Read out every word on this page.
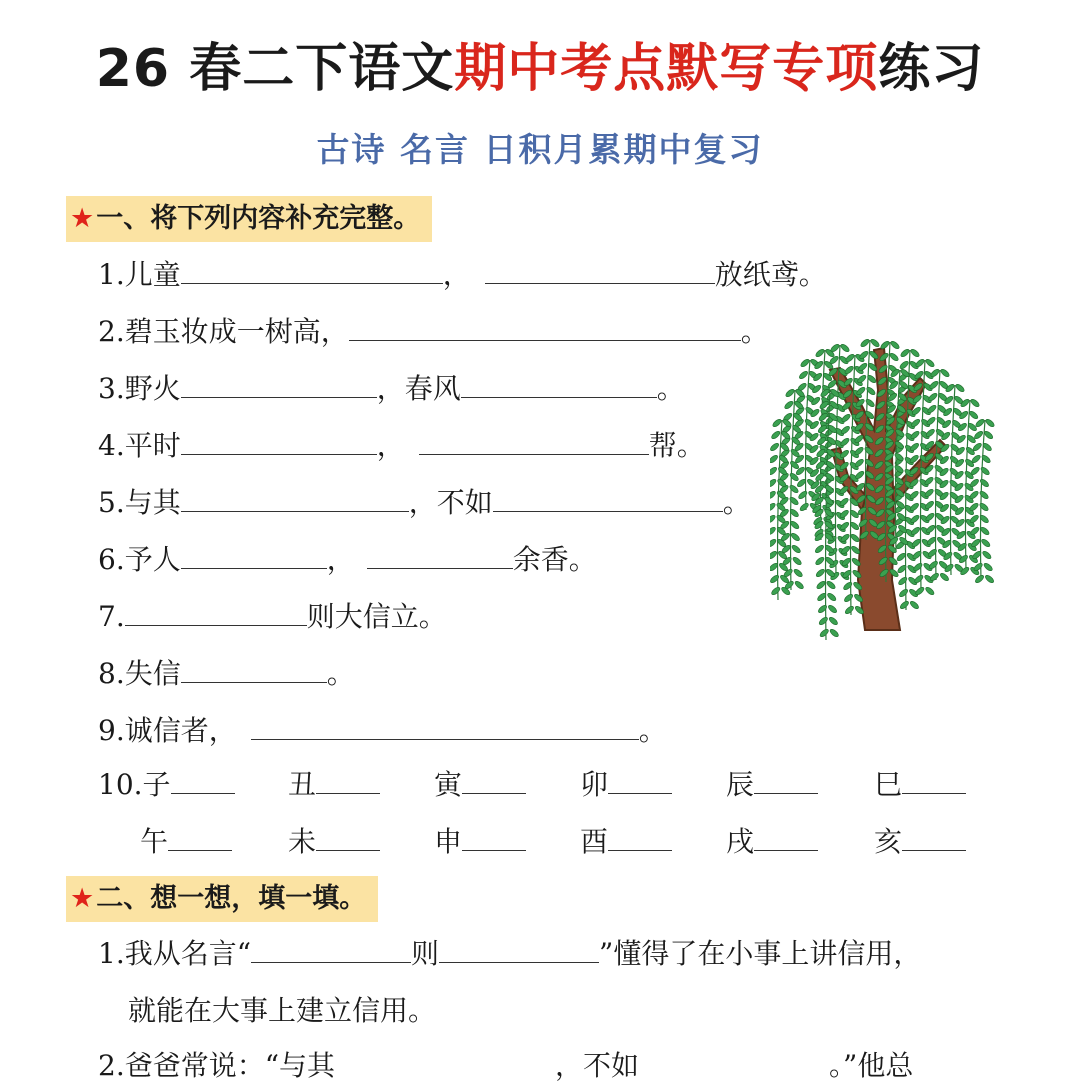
26 春二下语文期中考点默写专项练习
古诗 名言 日积月累期中复习
★一、将下列内容补充完整。
1.儿童	，	放纸鸢。
2.碧玉妆成一树高，	。
3.野火	，春风	。
4.平时	，	帮。
5.与其	，不如	。
6.予人	，	余香。
7.	则大信立。
8.失信	。
9.诚信者，	。
10.子	丑	寅	卯	辰	巳
午	未	申	酉	戌	亥
★二、想一想，填一填。
1.我从名言“	则	”懂得了在小事上讲信用，
就能在大事上建立信用。
2.爸爸常说：“与其	，不如	。”他总
